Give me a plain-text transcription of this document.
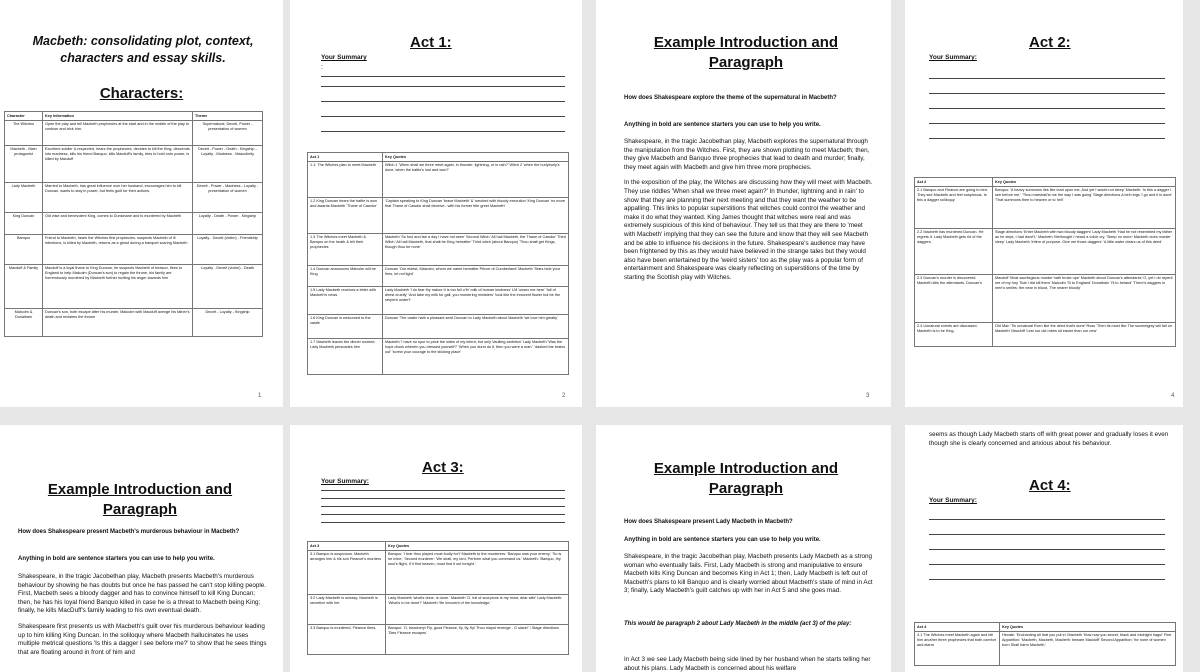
Macbeth: consolidating plot, context, characters and essay skills.
Characters:
Character	Key information	Theme
The Witches	Open the play and tell Macbeth prophecies at the start and in the middle of the play to confuse and trick him.	Supernatural, Deceit, Power - presentation of women
Macbeth - Main protagonist	Excellent soldier & respected, hears the prophecies, decides to kill the King, descends into madness, kills his friend Banquo, kills Macduff's family, tries to hold onto power, is killed by Macduff	Deceit - Power - Death - Kingship - Loyalty - Madness - Masculinity
Lady Macbeth	Married to Macbeth, has great influence over her husband, encourages him to kill Duncan, wants to stay in power, but feels guilt for their actions,	Deceit - Power - Madness - Loyalty - presentation of women
King Duncan	Old wise and benevolent King, comes to Dunsinane and is murdered by Macbeth	Loyalty - Death - Power - Kingship
Banquo	Friend to Macbeth, hears the Witches first prophecies, suspects Macbeth of ill intentions, is killed by Macbeth, returns as a ghost during a banquet scaring Macbeth	Loyalty - Deceit (victim) - Friendship
Macduff & Family	Macduff is a loyal thane to King Duncan, he suspects Macbeth of treason, flees to England to help Malcolm (Duncan's son) to regain the throne, his family are horrendously murdered by Macbeth further inciting his anger towards him	Loyalty - Deceit (victim) - Death
Malcolm & Donalbain	Duncan's son, both escape after his murder, Malcolm with Macduff avenge his father's death and reclaims the throne	Deceit - Loyalty - Kingship
1
Act 1:
Your Summary
:
Act 1	Key Quotes
1.1: The Witches plan to meet Macbeth	Witch 1 'When shall we three meet again, in thunder, lightning, or in rain?' Witch 2 'when the hurlyburly's done, when the battle's lost and won?'
1.2 King Duncan hears the battle is won and awards Macbeth 'Thane of Cawdor'	'Captain speaking to King Duncan 'brave Macbeth' & 'smoked with bloody execution' King Duncan 'no more that Thane of Cawdor shall deceive...with his former title greet Macbeth'
1.3 The Witches meet Macbeth & Banquo on the heath & tell their prophecies	Macbeth 'So foul and fair a day I have not seen' Second Witch 'All hail Macbeth, the Thane of Cawdor' Third Witch 'All hail Macbeth, that shalt be King hereafter' Third witch (about Banquo) 'Thou shalt get Kings, though thou be none'
1.4 Duncan announces Malcolm will be King	Duncan 'Our eldest, Malcolm, whom we name hereafter Prince of Cumberland' Macbeth 'Stars hide your fires, let not light'
1.5 Lady Macbeth receives a letter with Macbeth's news	Lady Macbeth 'I do fear thy nature It is too full o'th' milk of human kindness' LM 'unsex me here' 'full of direst cruelty' 'And take my milk for gall, you murdering ministers' 'look like the innocent flower but be the serpent under't'
1.6 King Duncan is welcomed to the castle	Duncan 'The castle hath a pleasant seat' Duncan to Lady Macbeth about Macbeth 'we love him greatly'
1.7 Macbeth leaves the dinner worried. Lady Macbeth persuades him	Macbeth 'I have no spur to prick the sides of my intent, but only Vaulting ambition' Lady Macbeth 'Was the hope drunk wherein you dressed yourself?' 'When you durst do it, then you were a man.' 'dashed the brains out' 'screw your courage to the sticking place'
2
Example Introduction and Paragraph
How does Shakespeare explore the theme of the supernatural in Macbeth?
Anything in bold are sentence starters you can use to help you write.

Shakespeare, in the tragic Jacobethan play, Macbeth explores the supernatural through the manipulation from the Witches. First, they are shown plotting to meet Macbeth; then, they give Macbeth and Banquo three prophecies that lead to death and murder; finally, they meet again with Macbeth and give him three more prophecies.

In the exposition of the play, the Witches are discussing how they will meet with Macbeth. They use riddles 'When shall we three meet again?' In thunder, lightning and in rain' to show that they are planning their next meeting and that they want the weather to be appalling. This links to popular superstitions that witches could control the weather and make it do what they wanted. King James thought that witches were real and was extremely suspicious of this kind of behaviour. They tell us that they are there to 'meet with Macbeth' implying that they can see the future and know that they will see Macbeth and be able to influence his decisions in the future. Shakespeare's audience may have been frightened by this as they would have believed in the strange tales but they would also have been entertained by the 'weird sisters' too as the play was a popular form of entertainment and Shakespeare was clearly reflecting on superstitions of the time by starting the Scottish play with Witches.

3
Act 2:
Your Summary:
Act 2	Key Quotes
2.1 Banquo and Fleance are going to bed. They see Macbeth and feel suspicious. Is this a dagger soliloquy	Banquo: 'A heavy summons lies like lead upon me, And yet I would not sleep' Macbeth: 'Is this a dagger I see before me,' 'Thou marshall'st me the way I was going' Stage directions A bell rings 'I go and it is done' 'That summons thee to heaven or to hell'
2.2 Macbeth has murdered Duncan. He regrets it. Lady Macbeth gets rid of the daggers.	Stage directions 'Enter Macbeth with two bloody daggers' Lady Macbeth 'Had he not resembled my father as he slept, I had done't.' Macbeth 'Methought I heard a voice cry, 'Sleep no more: Macbeth does murder sleep' Lady Macbeth 'Infirm of purpose. Give me those daggers' 'A little water clears us of this deed'
2.3 Duncan's murder is discovered. Macbeth kills the attendants. Duncan's	Macduff 'Most sacrilegious murder hath broke ope' Macbeth about Duncan's attendants 'O, yet I do repent me of my fury That I did kill them' Malcolm 'I'll to England' Donalbain 'I'll to Ireland' 'There's daggers in men's smiles; the near in blood, The nearer bloody'
2.4 Unnatural events are discussed. Macbeth is to be King.	Old Man 'Tis unnatural Even like the deed that's done' Ross 'Then tis most like The sovereignty will fall on Macbeth' Macduff 'Lest our old robes sit easier than our new'
4
Example Introduction and Paragraph
How does Shakespeare present Macbeth's murderous behaviour in Macbeth?
Anything in bold are sentence starters you can use to help you write.

Shakespeare, in the tragic Jacobethan play, Macbeth presents Macbeth's murderous behaviour by showing he has doubts but once he has passed he can't stop killing people. First, Macbeth sees a bloody dagger and has to convince himself to kill King Duncan; then, he has his loyal friend Banquo killed in case he is a threat to Macbeth being King; finally, he kills MacDuff's family leading to his own eventual death.

Shakespeare first presents us with Macbeth's guilt over his murderous behaviour leading up to him killing King Duncan. In the soliloquy where Macbeth hallucinates he uses multiple metrical questions 'Is this a dagger I see before me?' to show that he sees things that are floating around in front of him and

Act 3:
Your Summary:
Act 3	Key Quotes
3.1 Banquo is suspicious. Macbeth arranges him & his son Fleance's murders	Banquo: 'I fear thou played most foully for't' Macbeth to the murderers: 'Banquo was your enemy.' 'So is he mine,' Second murderer: 'We shall, my lord, Perform what you command us.' Macbeth: 'Banquo, thy soul's flight, If it find heaven, must find it out tonight.'
3.2 Lady Macbeth is uneasy; Macbeth is secretive with her.	Lady Macbeth 'what's done, is done.' Macbeth 'O, full of scorpions is my mind, dear wife' Lady Macbeth: 'What's to be done?' Macbeth 'Be innocent of the knowledge,'
3.3 Banquo is murdered, Fleance flees.	Banquo: 'O, treachery! Fly, good Fleance, fly, fly, fly! Thou mayst revenge - O slave!' / Stage directions 'Dies Fleance escapes'
Example Introduction and Paragraph
How does Shakespeare present Lady Macbeth in Macbeth?
Anything in bold are sentence starters you can use to help you write.

Shakespeare, in the tragic Jacobethan play, Macbeth presents Lady Macbeth as a strong woman who eventually fails. First, Lady Macbeth is strong and manipulative to ensure Macbeth kills King Duncan and becomes King in Act 1; then, Lady Macbeth is left out of Macbeth's plans to kill Banquo and is clearly worried about Macbeth's state of mind in Act 3; finally, Lady Macbeth's guilt catches up with her in Act 5 and she goes mad.

This would be paragraph 2 about Lady Macbeth in the middle (act 3) of the play:
In Act 3 we see Lady Macbeth being side lined by her husband when he starts telling her about his plans. Lady Macbeth is concerned about his welfare
seems as though Lady Macbeth starts off with great power and gradually loses it even though she is clearly concerned and anxious about his behaviour.
Act 4:
Your Summary:
Act 4	Key Quotes
4.1 The Witches meet Macbeth again and tell him another three prophecies that both comfort and alarm	Hecate: 'Enchanting all that you put in' Macbeth 'How now you secret, black and midnight hags!' First Apparition: 'Macbeth, Macbeth, Macbeth: beware Macduff' Second Apparition: 'for none of women born Shall harm Macbeth.'
